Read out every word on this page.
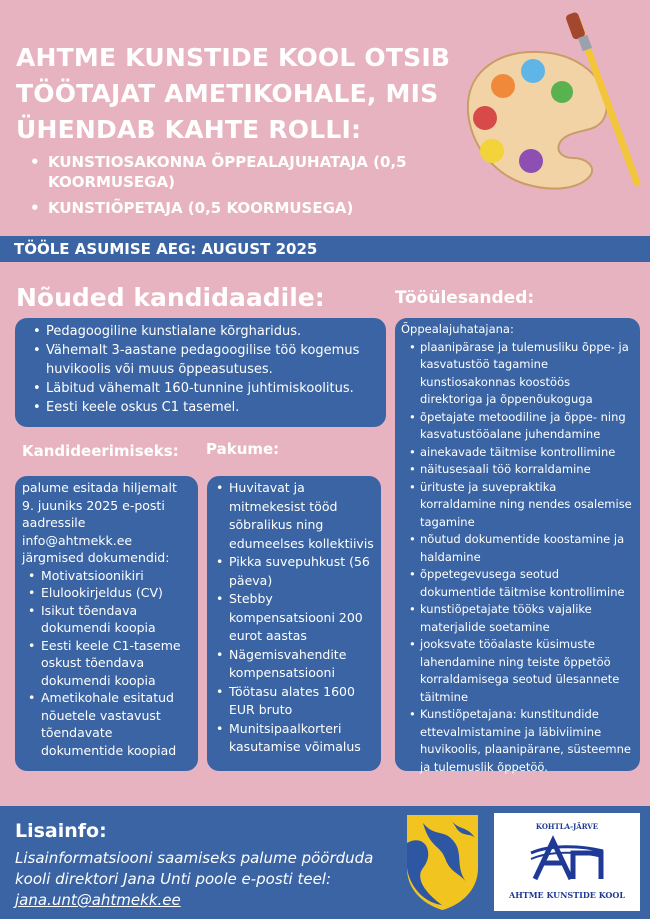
AHTME KUNSTIDE KOOL OTSIB
TÖÖTAJAT AMETIKOHALE, MIS
ÜHENDAB KAHTE ROLLI:
• KUNSTIOSAKONNA ÕPPEALAJUHATAJA (0,5 KOORMUSEGA)
• KUNSTIÕPETAJA (0,5 KOORMUSEGA)
TÖÖLE ASUMISE AEG: AUGUST 2025
Nõuded kandidaadile:
• Pedagoogiline kunstialane kõrgharidus.
• Vähemalt 3-aastane pedagoogilise töö kogemus huvikoolis või muus õppeasutuses.
• Läbitud vähemalt 160-tunnine juhtimiskoolitus.
• Eesti keele oskus C1 tasemel.
Tööülesanded:
Õppealajuhatajana:
• plaanipärase ja tulemusliku õppe- ja kasvatustöö tagamine kunstiosakonnas koostöös direktoriga ja õppenõukoguga
• õpetajate metoodiline ja õppe- ning kasvatustööalane juhendamine
• ainekavade täitmise kontrollimine
• näitusesaali töö korraldamine
• ürituste ja suvepraktika korraldamine ning nendes osalemise tagamine
• nõutud dokumentide koostamine ja haldamine
• õppetegevusega seotud dokumentide täitmise kontrollimine
• kunstiõpetajate tööks vajalike materjalide soetamine
• jooksvate tööalaste küsimuste lahendamine ning teiste õppetöö korraldamisega seotud ülesannete täitmine
• Kunstiõpetajana: kunstitundide ettevalmistamine ja läbiviimine huvikoolis, plaanipärane, süsteemne ja tulemuslik õppetöö.
Kandideerimiseks:
palume esitada hiljemalt 9. juuniks 2025 e-posti aadressile info@ahtmekk.ee järgmised dokumendid:
• Motivatsioonikiri
• Elulookirjeldus (CV)
• Isikut tõendava dokumendi koopia
• Eesti keele C1-taseme oskust tõendava dokumendi koopia
• Ametikohale esitatud nõuetele vastavust tõendavate dokumentide koopiad
Pakume:
• Huvitavat ja mitmekesist tööd sõbralikus ning edumeelses kollektiivis
• Pikka suvepuhkust (56 päeva)
• Stebby kompensatsiooni 200 eurot aastas
• Nägemisvahendite kompensatsiooni
• Töötasu alates 1600 EUR bruto
• Munitsipaalkorteri kasutamise võimalus
Lisainfo:
Lisainformatsiooni saamiseks palume pöörduda kooli direktori Jana Unti poole e-posti teel: jana.unt@ahtmekk.ee
KOHTLA-JÄRVE
AHTME KUNSTIDE KOOL
